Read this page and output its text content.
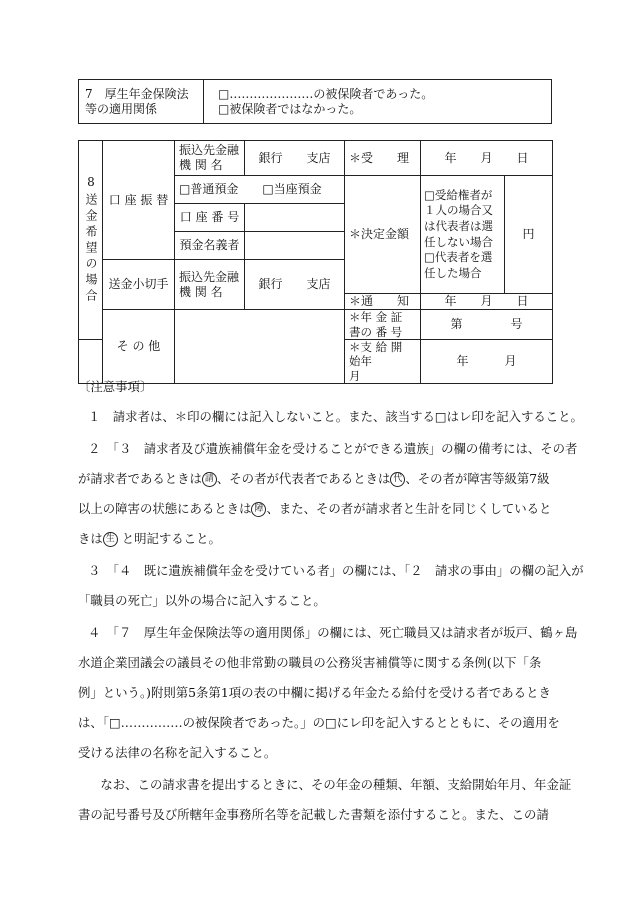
7　厚生年金保険法等の適用関係	
□…………………の被保険者であった。
□被保険者ではなかった。
8送金希望の場合	口 座 振 替	振込先金融機 関 名	銀行　　支店	＊受　　理	年　　月　　日	
		□普通預金　　□当座預金		＊決定金額	□受給権者が１人の場合又は代表者は選任しない場合□代表者を選任した場合	円
		口 座 番 号				
		預金名義者				
	送金小切手	振込先金融機 関 名	銀行　　支店			
				＊通　　知	年　　月　　日	
	そ の 他			＊年 金 証 書の 番 号	第　　　　号	
				＊支 給 開 始年　　　月	年　　　月	
〔注意事項〕
１　請求者は、＊印の欄には記入しないこと。また、該当する□はレ印を記入すること。
２　「３　請求者及び遺族補償年金を受けることができる遺族」の欄の備考には、その者
が請求者であるときは 請 、その者が代表者であるときは 代 、その者が障害等級第7級
以上の障害の状態にあるときは 障 、また、その者が請求者と生計を同じくしていると
きは 生 と明記すること。
３　「４　既に遺族補償年金を受けている者」の欄には、「２　請求の事由」の欄の記入が
「職員の死亡」以外の場合に記入すること。
４　「７　厚生年金保険法等の適用関係」の欄には、死亡職員又は請求者が坂戸、鶴ヶ島
水道企業団議会の議員その他非常勤の職員の公務災害補償等に関する条例(以下「条
例」という。)附則第5条第1項の表の中欄に掲げる年金たる給付を受ける者であるとき
は、「□……………の被保険者であった。」の□にレ印を記入するとともに、その適用を
受ける法律の名称を記入すること。
　なお、この請求書を提出するときに、その年金の種類、年額、支給開始年月、年金証
書の記号番号及び所轄年金事務所名等を記載した書類を添付すること。また、この請
